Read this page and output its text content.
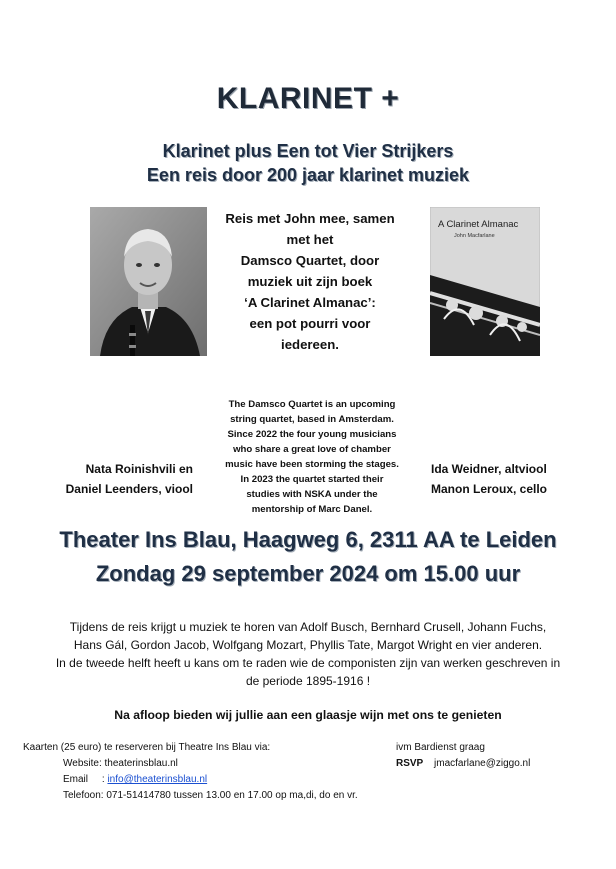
KLARINET +
Klarinet plus Een tot Vier Strijkers
Een reis door 200 jaar klarinet muziek
Reis met John mee, samen
met het
Damsco Quartet, door
muziek uit zijn boek
‘A Clarinet Almanac’:
een pot pourri voor
iedereen.
A Clarinet Almanac
John Macfarlane
The Damsco Quartet is an upcoming
string quartet, based in Amsterdam.
Since 2022 the four young musicians
who share a great love of chamber
music have been storming the stages.
In 2023 the quartet started their
studies with NSKA under the
mentorship of Marc Danel.
Nata Roinishvili en
Daniel Leenders, viool
Ida Weidner, altviool
Manon Leroux, cello
Theater Ins Blau, Haagweg 6, 2311 AA te Leiden
Zondag 29 september 2024 om 15.00 uur
Tijdens de reis krijgt u muziek te horen van Adolf Busch, Bernhard Crusell, Johann Fuchs,
Hans Gál, Gordon Jacob, Wolfgang Mozart, Phyllis Tate, Margot Wright en vier anderen.
In de tweede helft heeft u kans om te raden wie de componisten zijn van werken geschreven in
de periode 1895-1916 !
Na afloop bieden wij jullie aan een glaasje wijn met ons te genieten
Kaarten (25 euro) te reserveren bij Theatre Ins Blau via:
Website: theaterinsblau.nl
Email     : info@theaterinsblau.nl
Telefoon: 071-51414780 tussen 13.00 en 17.00 op ma,di, do en vr.
ivm Bardienst graag
RSVP jmacfarlane@ziggo.nl
